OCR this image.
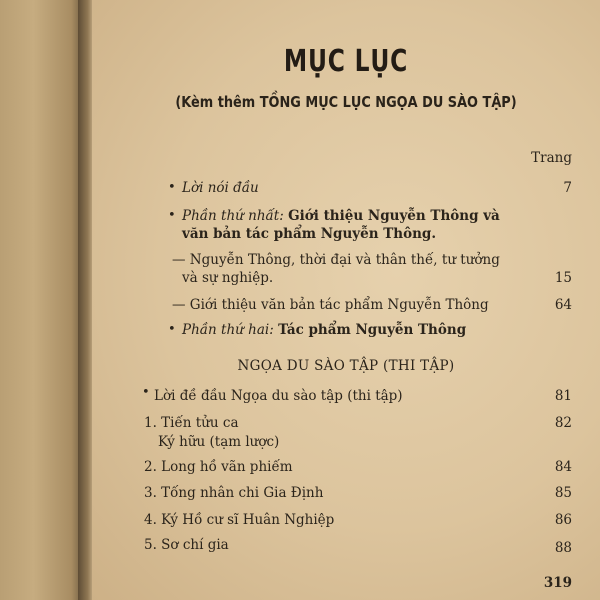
MỤC LỤC
(Kèm thêm TỒNG MỤC LỤC NGỌA DU SÀO TẬP)
Trang
• Lời nói đầu	7
• Phần thứ nhất: Giới thiệu Nguyễn Thông và
văn bản tác phẩm Nguyễn Thông.
— Nguyễn Thông, thời đại và thân thế, tư tưởng
và sự nghiệp.	15
— Giới thiệu văn bản tác phẩm Nguyễn Thông	64
• Phần thứ hai: Tác phẩm Nguyễn Thông
NGỌA DU SÀO TẬP (THI TẬP)
• Lời đề đầu Ngọa du sào tập (thi tập)	81
1. Tiến tửu ca	82
Ký hữu (tạm lược)
2. Long hồ vãn phiếm	84
3. Tống nhân chi Gia Định	85
4. Ký Hồ cư sĩ Huân Nghiệp	86
5. Sơ chí gia	88
319
